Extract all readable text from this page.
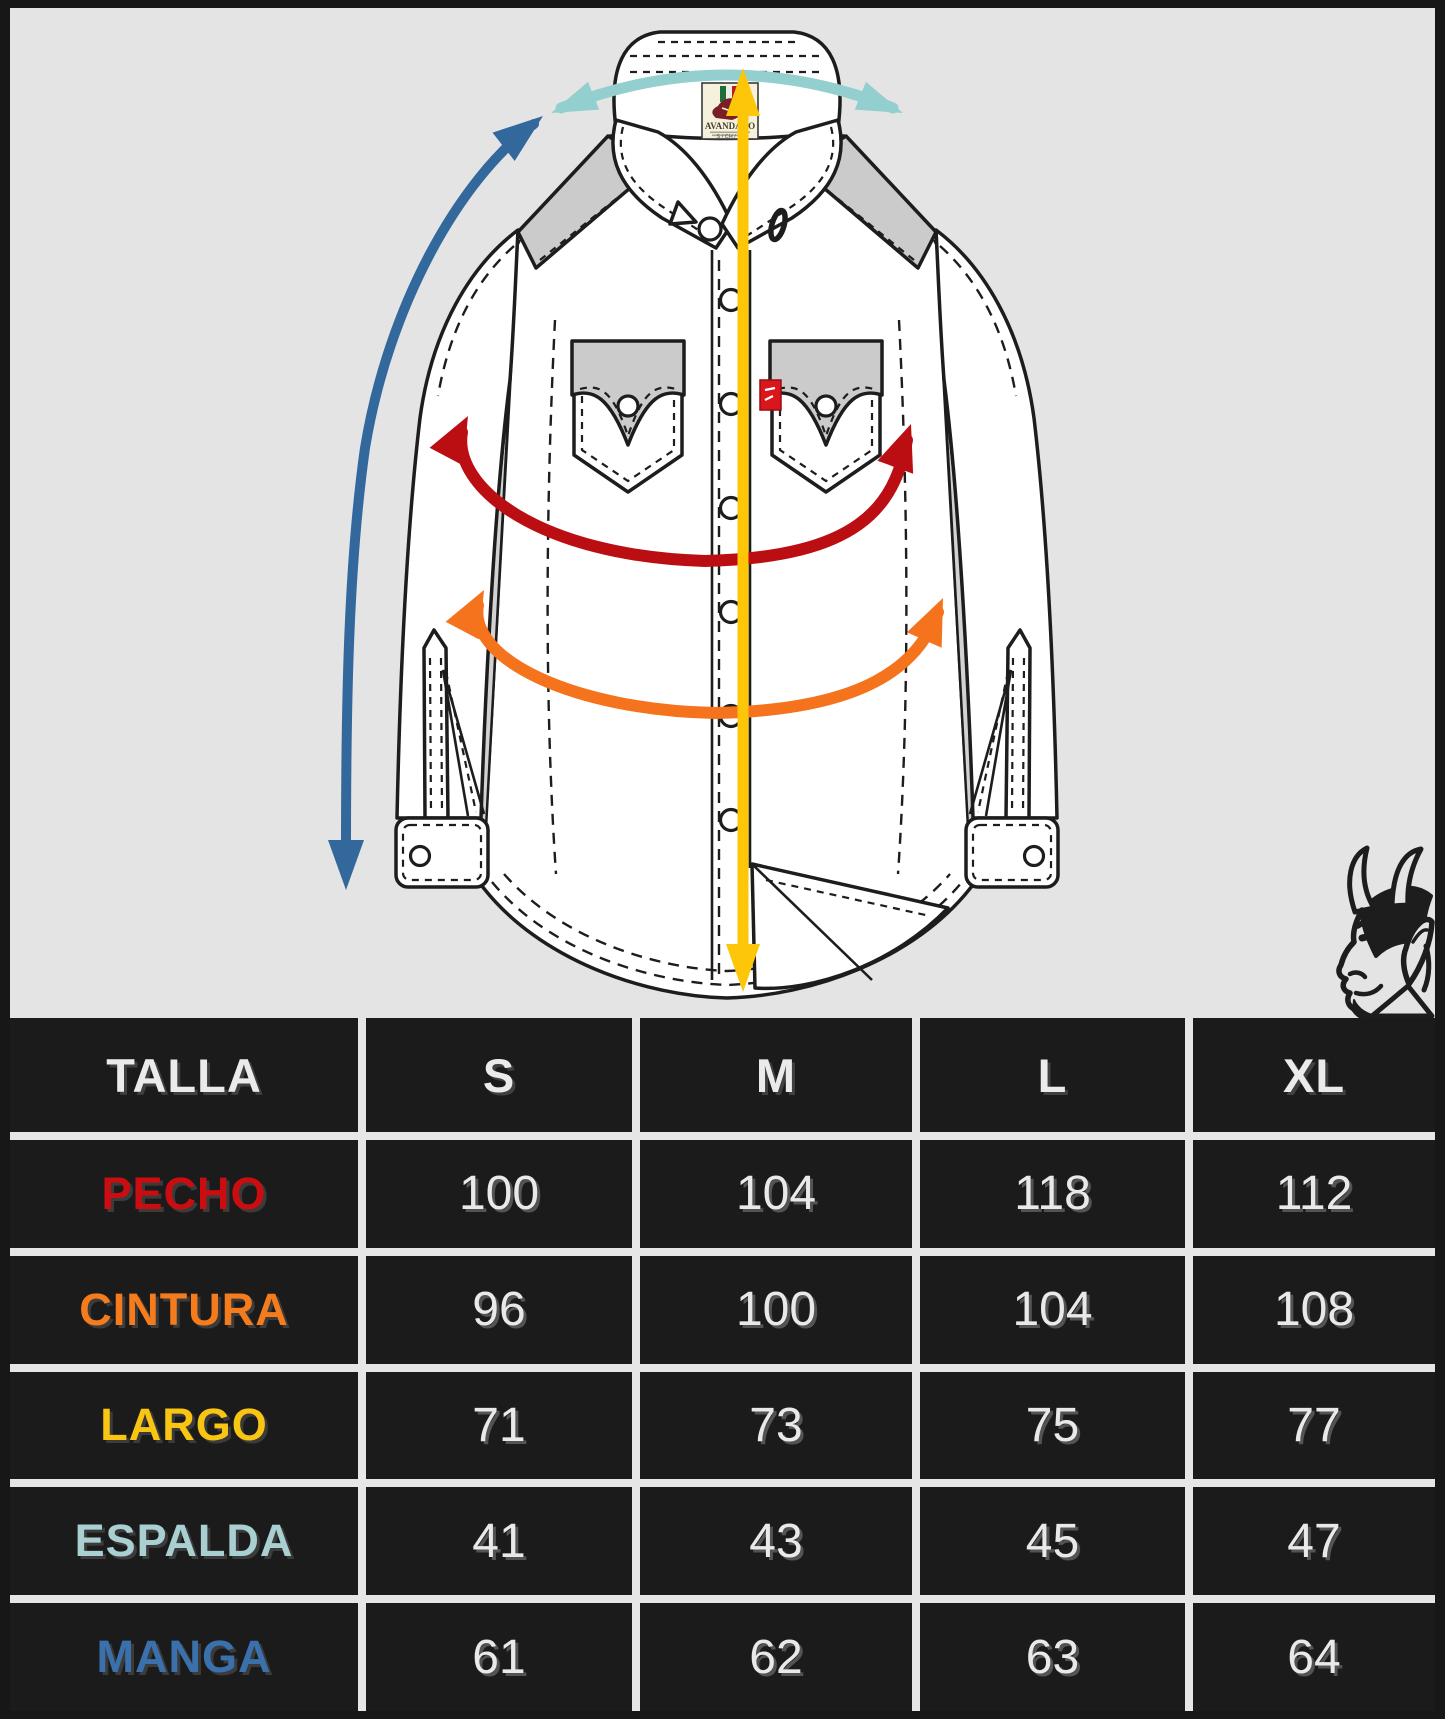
AVANDARO
S / CH / 36
TALLA	S	M	L	XL
PECHO	100	104	118	112
CINTURA	96	100	104	108
LARGO	71	73	75	77
ESPALDA	41	43	45	47
MANGA	61	62	63	64
